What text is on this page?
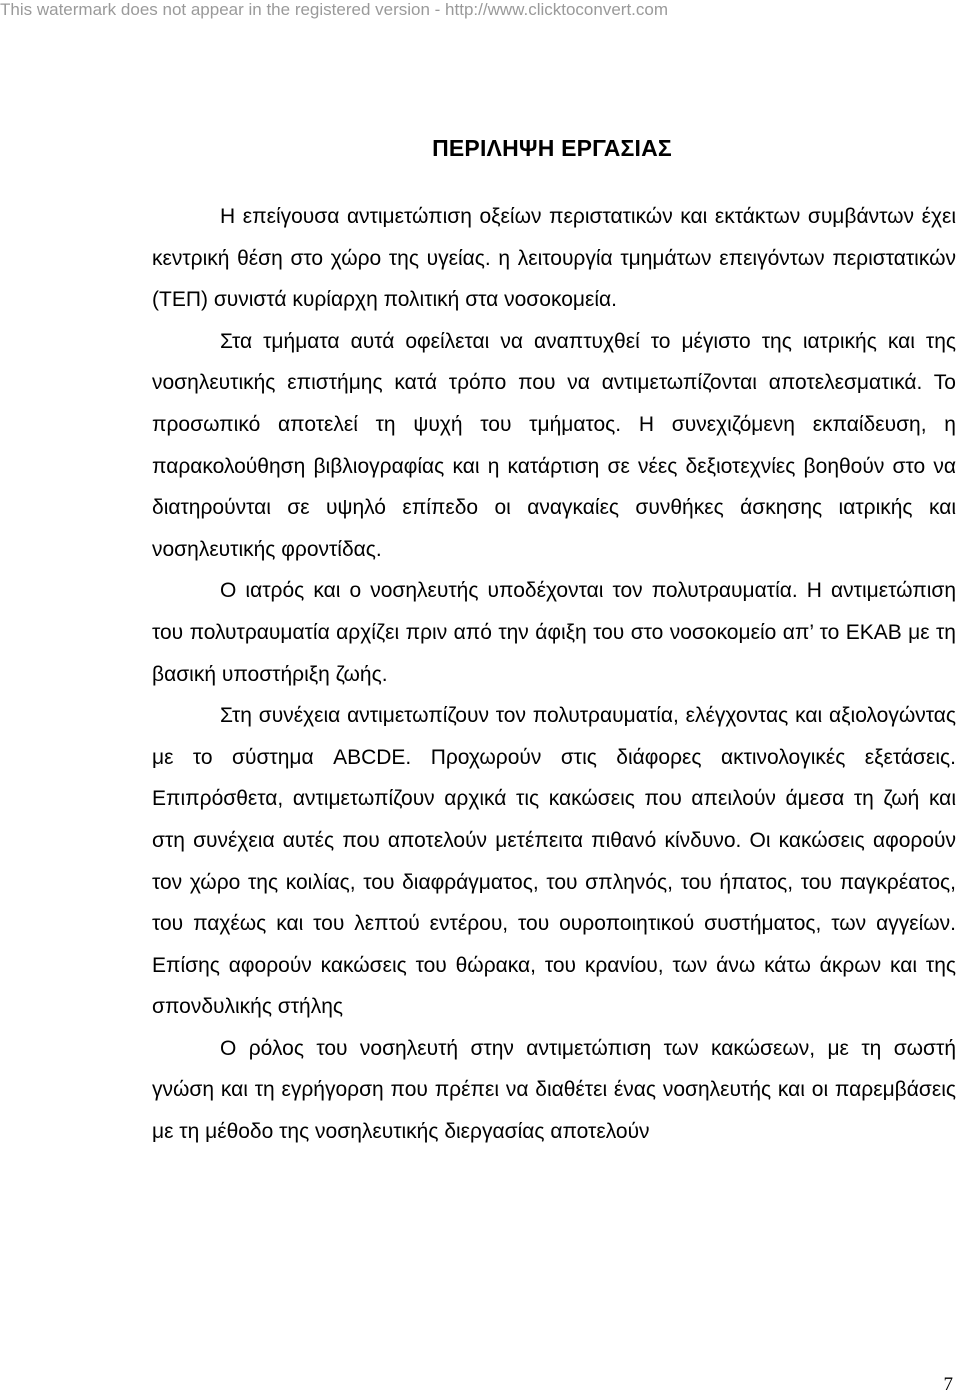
This watermark does not appear in the registered version - http://www.clicktoconvert.com
ΠΕΡΙΛΗΨΗ ΕΡΓΑΣΙΑΣ

Η επείγουσα αντιμετώπιση οξείων περιστατικών και εκτάκτων συμβάντων έχει κεντρική θέση στο χώρο της υγείας. η λειτουργία τμημάτων επειγόντων περιστατικών (ΤΕΠ) συνιστά κυρίαρχη πολιτική στα νοσοκομεία.

Στα τμήματα αυτά οφείλεται να αναπτυχθεί το μέγιστο της ιατρικής και της νοσηλευτικής επιστήμης κατά τρόπο που να αντιμετωπίζονται αποτελεσματικά. Το προσωπικό αποτελεί τη ψυχή του τμήματος. Η συνεχιζόμενη εκπαίδευση, η παρακολούθηση βιβλιογραφίας και η κατάρτιση σε νέες δεξιοτεχνίες βοηθούν στο να διατηρούνται σε υψηλό επίπεδο οι αναγκαίες συνθήκες άσκησης ιατρικής και νοσηλευτικής φροντίδας.

Ο ιατρός και ο νοσηλευτής υποδέχονται τον πολυτραυματία. Η αντιμετώπιση του πολυτραυματία αρχίζει πριν από την άφιξη του στο νοσοκομείο απ’ το ΕΚΑΒ με τη βασική υποστήριξη ζωής.

Στη συνέχεια αντιμετωπίζουν τον πολυτραυματία, ελέγχοντας και αξιολογώντας με το σύστημα ABCDE. Προχωρούν στις διάφορες ακτινολογικές εξετάσεις. Επιπρόσθετα, αντιμετωπίζουν αρχικά τις κακώσεις που απειλούν άμεσα τη ζωή και στη συνέχεια αυτές που αποτελούν μετέπειτα πιθανό κίνδυνο. Οι κακώσεις αφορούν τον χώρο της κοιλίας, του διαφράγματος, του σπληνός, του ήπατος, του παγκρέατος, του παχέως και του λεπτού εντέρου, του ουροποιητικού συστήματος, των αγγείων. Επίσης αφορούν κακώσεις του θώρακα, του κρανίου, των άνω κάτω άκρων και της σπονδυλικής στήλης

Ο ρόλος του νοσηλευτή στην αντιμετώπιση των κακώσεων, με τη σωστή γνώση και τη εγρήγορση που πρέπει να διαθέτει ένας νοσηλευτής και οι παρεμβάσεις με τη μέθοδο της νοσηλευτικής διεργασίας αποτελούν

7
